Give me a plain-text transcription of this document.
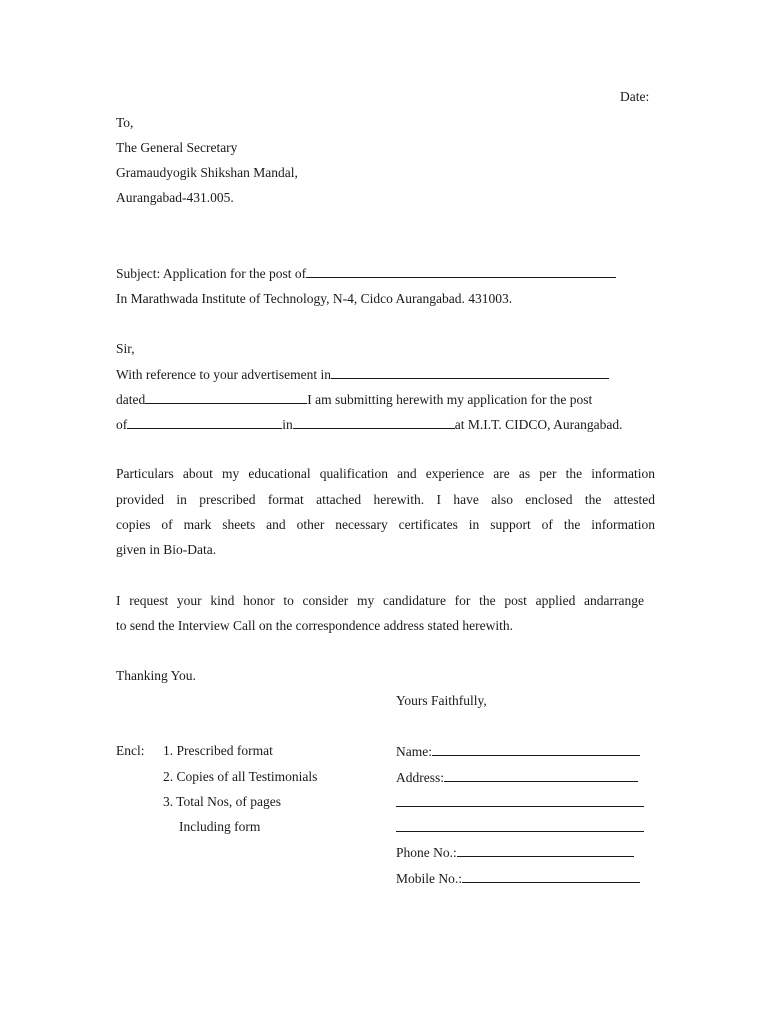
Date:
To,
The General Secretary
Gramaudyogik Shikshan Mandal,
Aurangabad-431.005.
Subject: Application for the post of
In Marathwada Institute of Technology, N-4, Cidco Aurangabad. 431003.
Sir,
With reference to your advertisement in
dated	I am submitting herewith my application for the post
of	in	at M.I.T. CIDCO, Aurangabad.
Particulars about my educational qualification and experience are as per the information
provided in prescribed format attached herewith. I have also enclosed the attested
copies of mark sheets and other necessary certificates in support of the information
given in Bio-Data.
I request your kind honor to consider my candidature for the post applied andarrange
to send the Interview Call on the correspondence address stated herewith.
Thanking You.
Yours Faithfully,
Encl: 1. Prescribed format
2. Copies of all Testimonials
3. Total Nos, of pages
Including form
Name:
Address:
Phone No.:
Mobile No.:
